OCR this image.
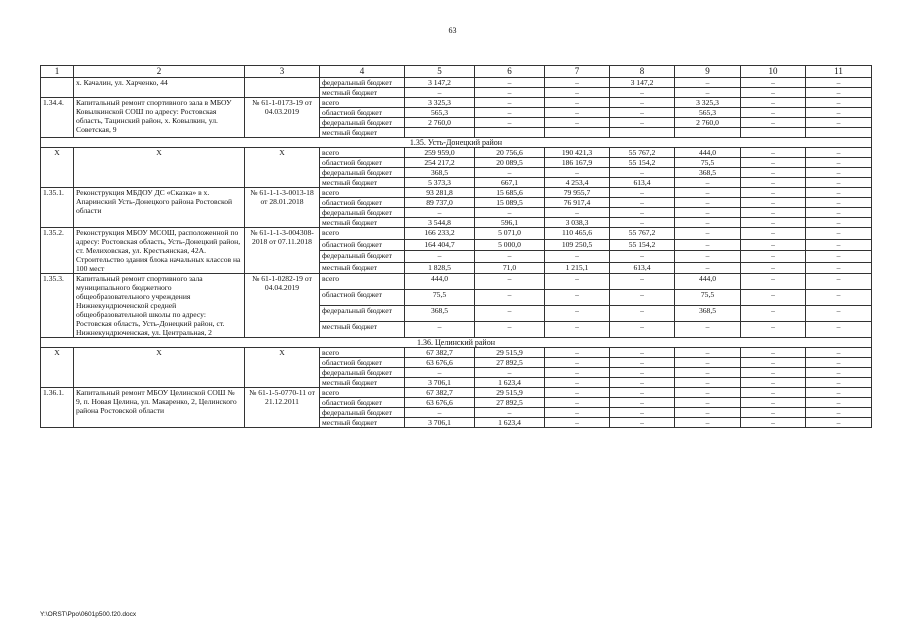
63
1	2	3	4	5	6	7	8	9	10	11
	х. Качалин, ул. Харченко, 44		федеральный бюджет	3 147,2	–	–	3 147,2	–	–	–
			местный бюджет	–	–	–	–	–	–	–
1.34.4.	Капитальный ремонт спортивного зала в МБОУ Ковылкинской СОШ по адресу: Ростовская область, Тацинский район, х. Ковылкин, ул. Советская, 9	№ 61-1-0173-19 от 04.03.2019	всего	3 325,3	–	–	–	3 325,3	–	–
			областной бюджет	565,3	–	–	–	565,3	–	–
			федеральный бюджет	2 760,0	–	–	–	2 760,0	–	–
			местный бюджет							
1.35. Усть-Донецкий район										
Х	Х	Х	всего	259 959,0	20 756,6	190 421,3	55 767,2	444,0	–	–
			областной бюджет	254 217,2	20 089,5	186 167,9	55 154,2	75,5	–	–
			федеральный бюджет	368,5	–	–	–	368,5	–	–
			местный бюджет	5 373,3	667,1	4 253,4	613,4	–	–	–
1.35.1.	Реконструкция МБДОУ ДС «Сказка» в х. Апаринский Усть-Донецкого района Ростовской области	№ 61-1-1-3-0013-18 от 28.01.2018	всего	93 281,8	15 685,6	79 955,7	–	–	–	–
			областной бюджет	89 737,0	15 089,5	76 917,4	–	–	–	–
			федеральный бюджет	–	–	–	–	–	–	–
			местный бюджет	3 544,8	596,1	3 038,3	–	–	–	–
1.35.2.	Реконструкция МБОУ МСОШ, расположенной по адресу: Ростовская область, Усть-Донецкий район, ст. Мелиховская, ул. Крестьянская, 42А. Строительство здания блока начальных классов на 100 мест	№ 61-1-1-3-004308-2018 от 07.11.2018	всего	166 233,2	5 071,0	110 465,6	55 767,2	–	–	–
			областной бюджет	164 404,7	5 000,0	109 250,5	55 154,2	–	–	–
			федеральный бюджет	–	–	–	–	–	–	–
			местный бюджет	1 828,5	71,0	1 215,1	613,4	–	–	–
1.35.3.	Капитальный ремонт спортивного зала муниципального бюджетного общеобразовательного учреждения Нижнекундрюченской средней общеобразовательной школы по адресу: Ростовская область, Усть-Донецкий район, ст. Нижнекундрюченская, ул. Центральная, 2	№ 61-1-0282-19 от 04.04.2019	всего	444,0	–	–	–	444,0	–	–
			областной бюджет	75,5	–	–	–	75,5	–	–
			федеральный бюджет	368,5	–	–	–	368,5	–	–
			местный бюджет	–	–	–	–	–	–	–
1.36. Целинский район										
Х	Х	Х	всего	67 382,7	29 515,9	–	–	–	–	–
			областной бюджет	63 676,6	27 892,5	–	–	–	–	–
			федеральный бюджет	–	–	–	–	–	–	–
			местный бюджет	3 706,1	1 623,4	–	–	–	–	–
1.36.1.	Капитальный ремонт МБОУ Целинской СОШ № 9, п. Новая Целина, ул. Макаренко, 2, Целинского района Ростовской области	№ 61-1-5-0770-11 от 21.12.2011	всего	67 382,7	29 515,9	–	–	–	–	–
			областной бюджет	63 676,6	27 892,5	–	–	–	–	–
			федеральный бюджет	–	–	–	–	–	–	–
			местный бюджет	3 706,1	1 623,4	–	–	–	–	–
Y:\ORST\Ppo\0601p500.f20.docx
